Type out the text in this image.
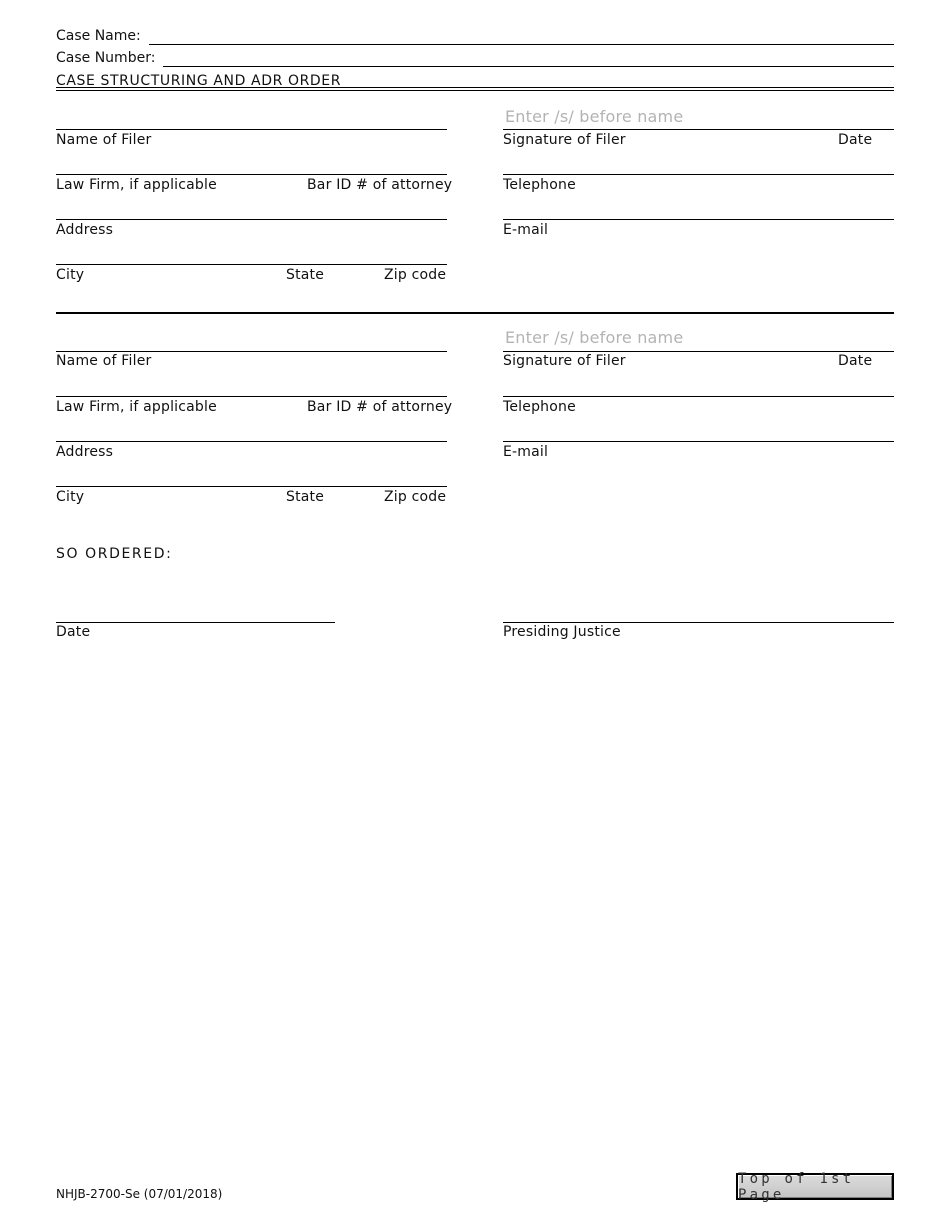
Case Name:
Case Number:
CASE STRUCTURING AND ADR ORDER
Name of Filer
Enter /s/ before name
Signature of Filer	Date
Law Firm, if applicable	Bar ID # of attorney	Telephone
Address	E-mail
City	State	Zip code
Name of Filer
Enter /s/ before name
Signature of Filer	Date
Law Firm, if applicable	Bar ID # of attorney	Telephone
Address	E-mail
City	State	Zip code
SO ORDERED:
Date	Presiding Justice
NHJB-2700-Se (07/01/2018)
Top of 1st Page
